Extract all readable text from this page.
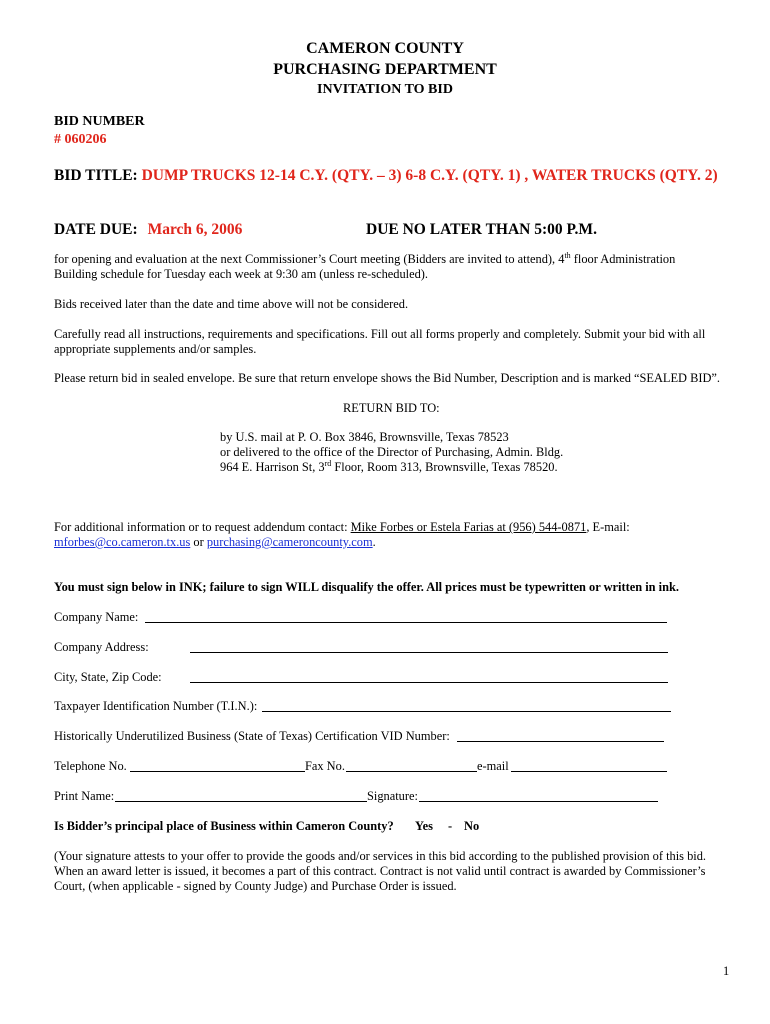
CAMERON COUNTY
PURCHASING DEPARTMENT
INVITATION TO BID
BID NUMBER
# 060206
BID TITLE: DUMP TRUCKS 12-14 C.Y. (QTY. – 3) 6-8 C.Y. (QTY. 1) , WATER TRUCKS (QTY. 2)
DATE DUE: March 6, 2006	DUE NO LATER THAN 5:00 P.M.
for opening and evaluation at the next Commissioner’s Court meeting (Bidders are invited to attend), 4th floor Administration
Building schedule for Tuesday each week at 9:30 am (unless re-scheduled).
Bids received later than the date and time above will not be considered.
Carefully read all instructions, requirements and specifications. Fill out all forms properly and completely. Submit your bid with all appropriate supplements and/or samples.
Please return bid in sealed envelope. Be sure that return envelope shows the Bid Number, Description and is marked “SEALED BID”.
RETURN BID TO:
by U.S. mail at P. O. Box 3846, Brownsville, Texas 78523
or delivered to the office of the Director of Purchasing, Admin. Bldg.
964 E. Harrison St, 3rd Floor, Room 313, Brownsville, Texas 78520.
For additional information or to request addendum contact: Mike Forbes or Estela Farias at (956) 544-0871, E-mail:
mforbes@co.cameron.tx.us or purchasing@cameroncounty.com.
You must sign below in INK; failure to sign WILL disqualify the offer. All prices must be typewritten or written in ink.
Company Name:
Company Address:
City, State, Zip Code:
Taxpayer Identification Number (T.I.N.):
Historically Underutilized Business (State of Texas) Certification VID Number:
Telephone No.	Fax No.	e-mail
Print Name:	Signature:
Is Bidder’s principal place of Business within Cameron County? Yes - No
(Your signature attests to your offer to provide the goods and/or services in this bid according to the published provision of this bid. When an award letter is issued, it becomes a part of this contract. Contract is not valid until contract is awarded by Commissioner’s Court, (when applicable - signed by County Judge) and Purchase Order is issued.
1
